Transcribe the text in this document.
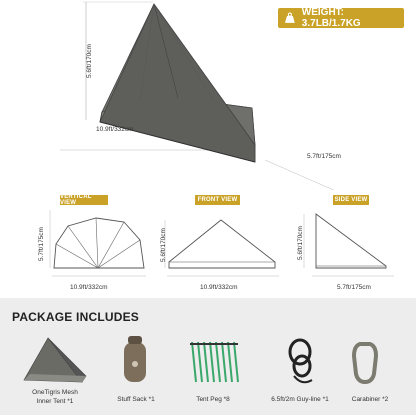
WEIGHT: 3.7LB/1.7KG
5.6ft/170cm
10.9ft/332cm
5.7ft/175cm
VERTICAL VIEW
5.7ft/175cm
10.9ft/332cm
FRONT VIEW
5.6ft/170cm
10.9ft/332cm
SIDE VIEW
5.6ft/170cm
5.7ft/175cm
PACKAGE INCLUDES
OneTigris Mesh
Inner Tent *1	Stuff Sack *1	Tent Peg *8	6.5ft/2m Guy-line *1	Carabiner *2
